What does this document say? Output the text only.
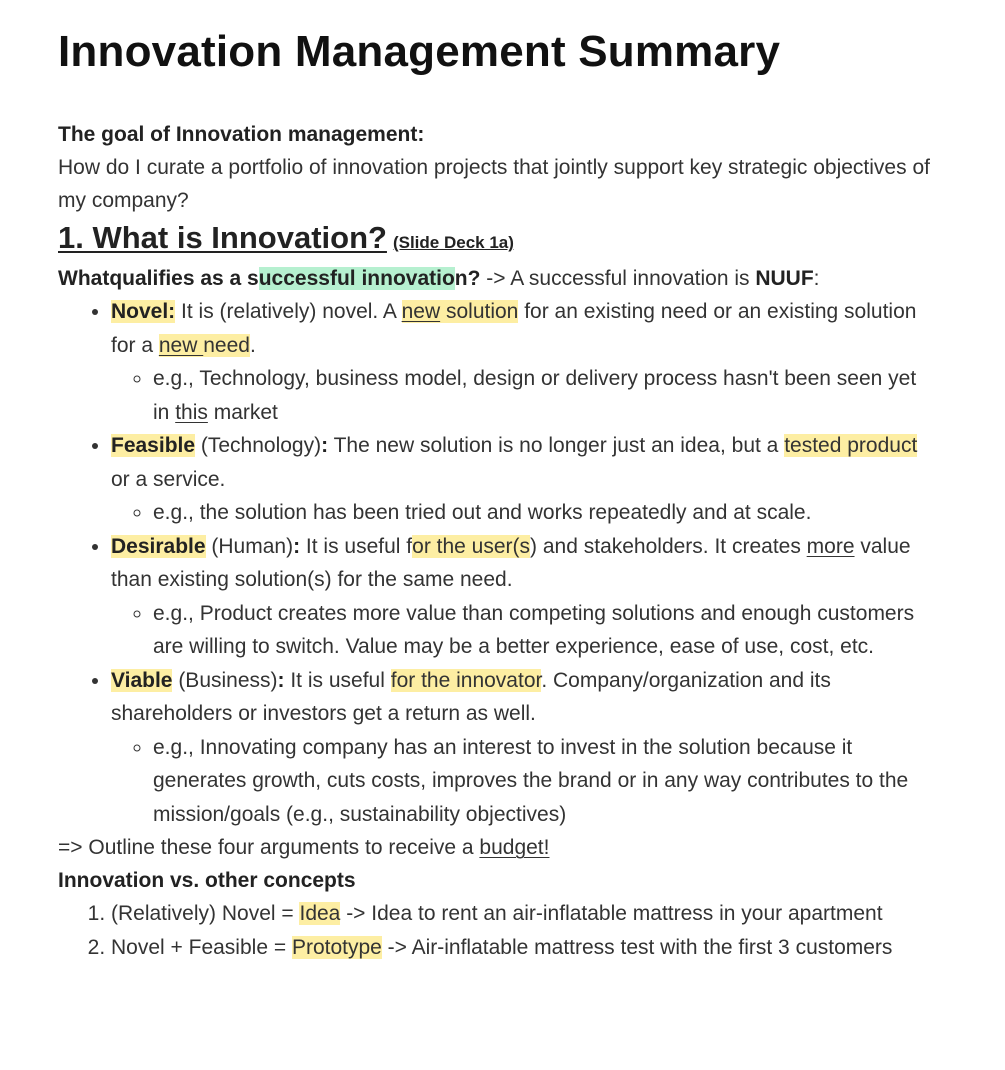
Innovation Management Summary

The goal of Innovation management:

How do I curate a portfolio of innovation projects that jointly support key strategic objectives of my company?

1. What is Innovation? (Slide Deck 1a)

Whatqualifies as a successful innovation? -> A successful innovation is NUUF:

• Novel: It is (relatively) novel. A new solution for an existing need or an existing solution for a new need.
◦ e.g., Technology, business model, design or delivery process hasn't been seen yet in this market
• Feasible (Technology): The new solution is no longer just an idea, but a tested product or a service.
◦ e.g., the solution has been tried out and works repeatedly and at scale.
• Desirable (Human): It is useful for the user(s) and stakeholders. It creates more value than existing solution(s) for the same need.
◦ e.g., Product creates more value than competing solutions and enough customers are willing to switch. Value may be a better experience, ease of use, cost, etc.
• Viable (Business): It is useful for the innovator. Company/organization and its shareholders or investors get a return as well.
◦ e.g., Innovating company has an interest to invest in the solution because it generates growth, cuts costs, improves the brand or in any way contributes to the mission/goals (e.g., sustainability objectives)

=> Outline these four arguments to receive a budget!

Innovation vs. other concepts

1. (Relatively) Novel = Idea -> Idea to rent an air-inflatable mattress in your apartment
2. Novel + Feasible = Prototype -> Air-inflatable mattress test with the first 3 customers
